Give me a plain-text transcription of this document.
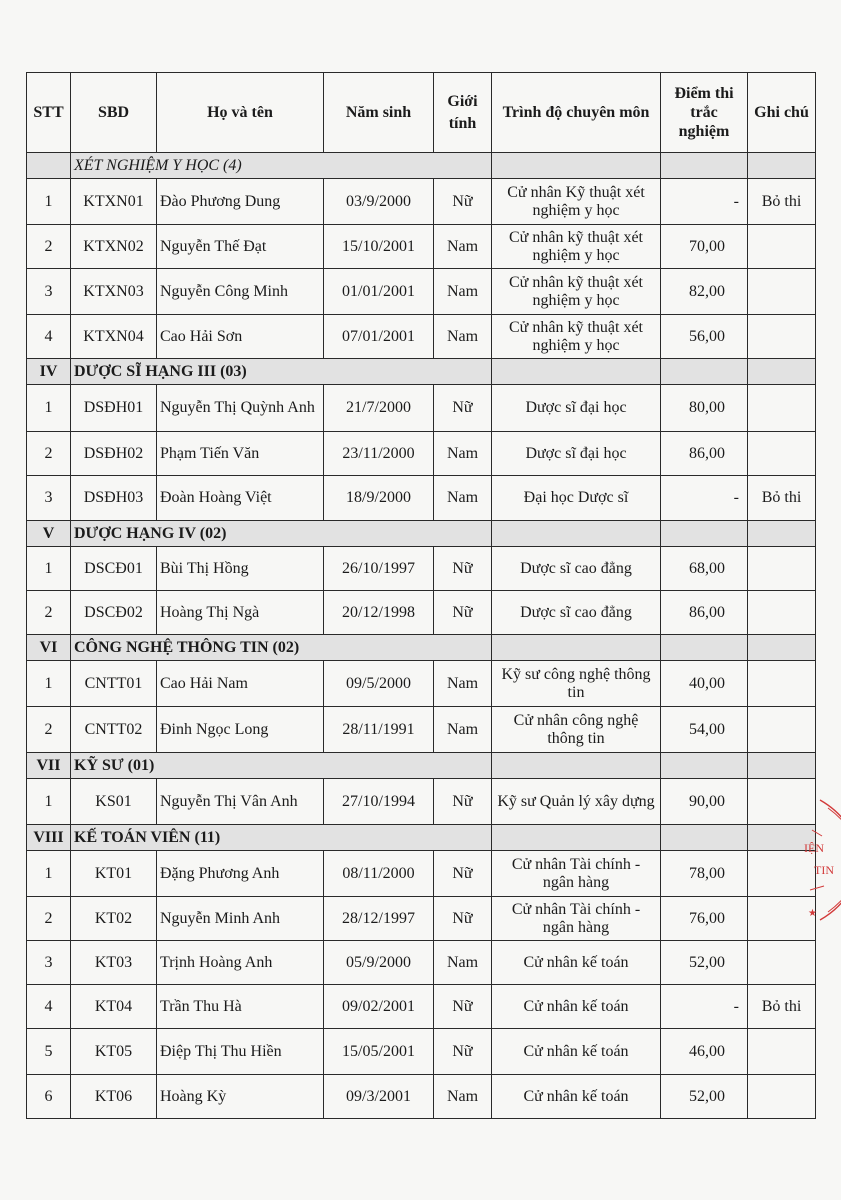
STT	SBD	Họ và tên	Năm sinh	Giới tính	Trình độ chuyên môn	Điểm thi trắc nghiệm	Ghi chú
	XÉT NGHIỆM Y HỌC (4)						
1	KTXN01	Đào Phương Dung	03/9/2000	Nữ	Cử nhân Kỹ thuật xét nghiệm y học	-	Bỏ thi
2	KTXN02	Nguyễn Thế Đạt	15/10/2001	Nam	Cử nhân kỹ thuật xét nghiệm y học	70,00	
3	KTXN03	Nguyễn Công Minh	01/01/2001	Nam	Cử nhân kỹ thuật xét nghiệm y học	82,00	
4	KTXN04	Cao Hải Sơn	07/01/2001	Nam	Cử nhân kỹ thuật xét nghiệm y học	56,00	
IV	DƯỢC SĨ HẠNG III (03)						
1	DSĐH01	Nguyễn Thị Quỳnh Anh	21/7/2000	Nữ	Dược sĩ đại học	80,00	
2	DSĐH02	Phạm Tiến Văn	23/11/2000	Nam	Dược sĩ đại học	86,00	
3	DSĐH03	Đoàn Hoàng Việt	18/9/2000	Nam	Đại học Dược sĩ	-	Bỏ thi
V	DƯỢC HẠNG IV (02)						
1	DSCĐ01	Bùi Thị Hồng	26/10/1997	Nữ	Dược sĩ cao đẳng	68,00	
2	DSCĐ02	Hoàng Thị Ngà	20/12/1998	Nữ	Dược sĩ cao đẳng	86,00	
VI	CÔNG NGHỆ THÔNG TIN (02)						
1	CNTT01	Cao Hải Nam	09/5/2000	Nam	Kỹ sư công nghệ thông tin	40,00	
2	CNTT02	Đinh Ngọc Long	28/11/1991	Nam	Cử nhân công nghệ thông tin	54,00	
VII	KỸ SƯ (01)						
1	KS01	Nguyễn Thị Vân Anh	27/10/1994	Nữ	Kỹ sư Quản lý xây dựng	90,00	
VIII	KẾ TOÁN VIÊN (11)						
1	KT01	Đặng Phương Anh	08/11/2000	Nữ	Cử nhân Tài chính - ngân hàng	78,00	
2	KT02	Nguyễn Minh Anh	28/12/1997	Nữ	Cử nhân Tài chính - ngân hàng	76,00	
3	KT03	Trịnh Hoàng Anh	05/9/2000	Nam	Cử nhân kế toán	52,00	
4	KT04	Trần Thu Hà	09/02/2001	Nữ	Cử nhân kế toán	-	Bỏ thi
5	KT05	Điệp Thị Thu Hiền	15/05/2001	Nữ	Cử nhân kế toán	46,00	
6	KT06	Hoàng Kỳ	09/3/2001	Nam	Cử nhân kế toán	52,00	
IỆN
TIN
★
